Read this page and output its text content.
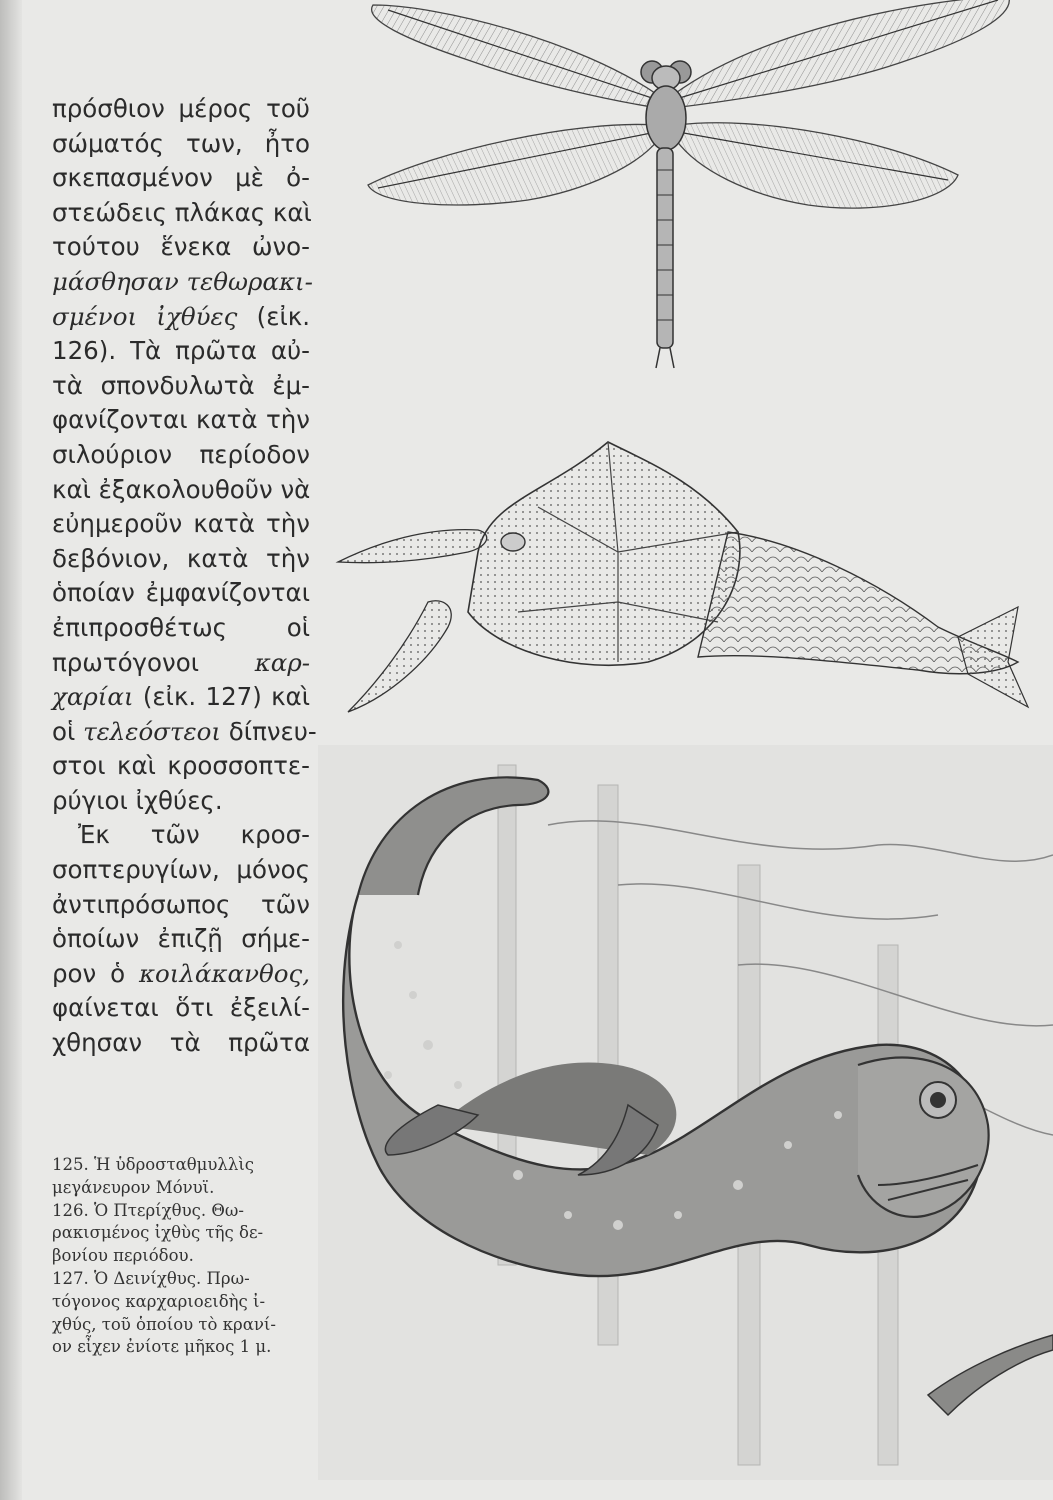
πρόσθιον μέρος τοῦ
σώματός των, ἦτο
σκεπασμένον μὲ ὀ-
στεώδεις πλάκας καὶ
τούτου ἕνεκα ὠνο-
μάσθησαν τεθωρακι-
σμένοι ἰχθύες (εἰκ.
126). Τὰ πρῶτα αὐ-
τὰ σπονδυλωτὰ ἐμ-
φανίζονται κατὰ τὴν
σιλούριον περίοδον
καὶ ἐξακολουθοῦν νὰ
εὐημεροῦν κατὰ τὴν
δεβόνιον, κατὰ τὴν
ὁποίαν ἐμφανίζονται
ἐπιπροσθέτως οἱ
πρωτόγονοι καρ-
χαρίαι (εἰκ. 127) καὶ
οἱ τελεόστεοι δίπνευ-
στοι καὶ κροσσοπτε-
ρύγιοι ἰχθύες.
Ἐκ τῶν κροσ-
σοπτερυγίων, μόνος
ἀντιπρόσωπος τῶν
ὁποίων ἐπιζῇ σήμε-
ρον ὁ κοιλάκανθος,
φαίνεται ὅτι ἐξειλί-
χθησαν τὰ πρῶτα
125. Ἡ ὑδροσταθμυλλὶς
μεγάνευρον Μόνυϊ.
126. Ὁ Πτερίχθυς. Θω-
ρακισμένος ἰχθὺς τῆς δε-
βονίου περιόδου.
127. Ὁ Δεινίχθυς. Πρω-
τόγονος καρχαριοειδὴς ἰ-
χθύς, τοῦ ὁποίου τὸ κρανί-
ον εἶχεν ἐνίοτε μῆκος 1 μ.
